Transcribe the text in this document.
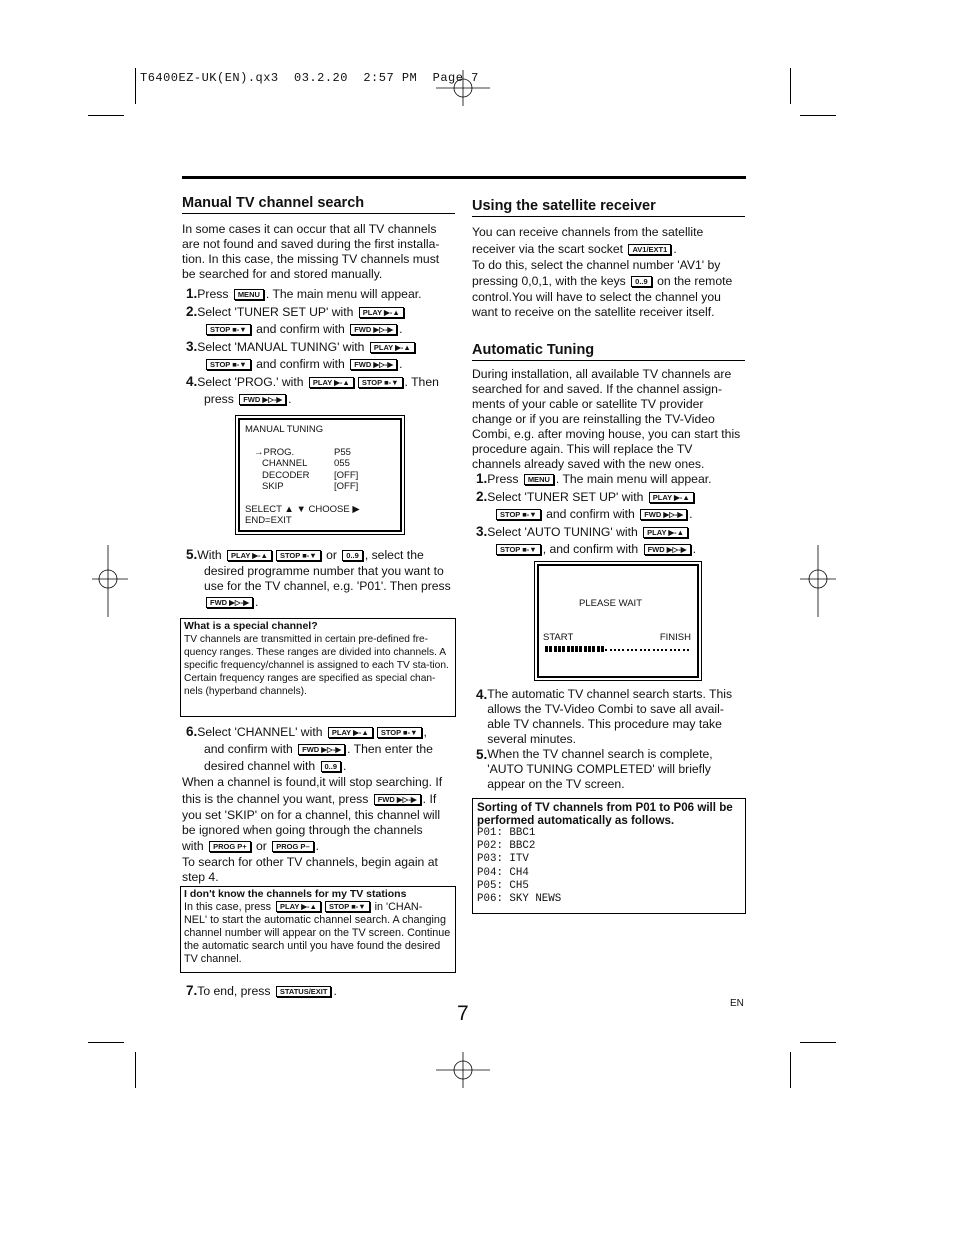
T6400EZ-UK(EN).qx3  03.2.20  2:57 PM  Page 7
Manual TV channel search
In some cases it can occur that all TV channels are not found and saved during the first installa-tion. In this case, the missing TV channels must be searched for and stored manually.
1.Press MENU . The main menu will appear.
2.Select 'TUNER SET UP' with PLAY ▶-▲
STOP ■-▼ and confirm with FWD ▶▷-▶ .
3.Select 'MANUAL TUNING' with PLAY ▶-▲
STOP ■-▼ and confirm with FWD ▶▷-▶ .
4.Select 'PROG.' with PLAY ▶-▲ STOP ■-▼ . Then
press FWD ▶▷-▶ .
MANUAL TUNING
→PROG.	P55
CHANNEL	055
DECODER	[OFF]
SKIP	[OFF]
SELECT ▲ ▼ CHOOSE ▶
END=EXIT
5.With PLAY ▶-▲ STOP ■-▼ or 0..9 , select the
desired programme number that you want to
use for the TV channel, e.g. 'P01'. Then press
FWD ▶▷-▶ .
What is a special channel?
TV channels are transmitted in certain pre-defined fre-quency ranges. These ranges are divided into channels. A specific frequency/channel is assigned to each TV sta-tion.
Certain frequency ranges are specified as special chan-nels (hyperband channels).
6.Select 'CHANNEL' with PLAY ▶-▲ STOP ■-▼ ,
and confirm with FWD ▶▷-▶ . Then enter the
desired channel with 0..9 .
When a channel is found,it will stop searching. If
this is the channel you want, press FWD ▶▷-▶ . If
you set 'SKIP' on for a channel, this channel will
be ignored when going through the channels
with PROG P+ or PROG P– .
To search for other TV channels, begin again at step 4.
I don't know the channels for my TV stations
In this case, press PLAY ▶-▲ STOP ■-▼ in 'CHAN-
NEL' to start the automatic channel search. A changing channel number will appear on the TV screen. Continue the automatic search until you have found the desired TV channel.
7.To end, press STATUS/EXIT .
Using the satellite receiver
You can receive channels from the satellite
receiver via the scart socket AV1/EXT1 .
To do this, select the channel number 'AV1' by
pressing 0,0,1, with the keys 0..9 on the remote
control.You will have to select the channel you want to receive on the satellite receiver itself.
Automatic Tuning
During installation, all available TV channels are searched for and saved. If the channel assign-ments of your cable or satellite TV provider change or if you are reinstalling the TV-Video Combi, e.g. after moving house, you can start this procedure again. This will replace the TV channels already saved with the new ones.
1.Press MENU . The main menu will appear.
2.Select 'TUNER SET UP' with PLAY ▶-▲
STOP ■-▼ and confirm with FWD ▶▷-▶ .
3.Select 'AUTO TUNING' with PLAY ▶-▲
STOP ■-▼ , and confirm with FWD ▶▷-▶ .
PLEASE WAIT
START	FINISH
4. The automatic TV channel search starts. This allows the TV-Video Combi to save all avail-able TV channels. This procedure may take several minutes.
5. When the TV channel search is complete, 'AUTO TUNING COMPLETED' will briefly appear on the TV screen.
Sorting of TV channels from P01 to P06 will be performed automatically as follows.
P01: BBC1
P02: BBC2
P03: ITV
P04: CH4
P05: CH5
P06: SKY NEWS
EN
7
